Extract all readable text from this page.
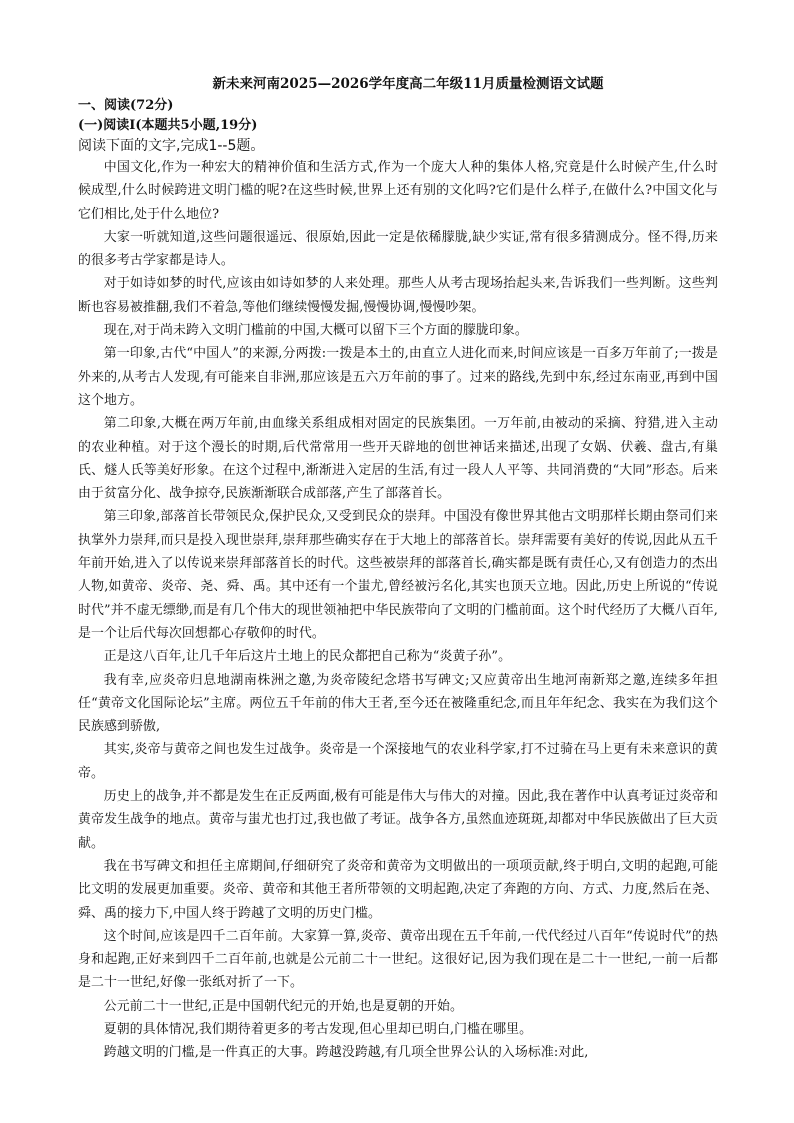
新未来河南2025—2026学年度高二年级11月质量检测语文试题
一、阅读(72分)
(一)阅读Ⅰ(本题共5小题,19分)
阅读下面的文字,完成1--5题。

中国文化,作为一种宏大的精神价值和生活方式,作为一个庞大人种的集体人格,究竟是什么时候产生,什么时候成型,什么时候跨进文明门槛的呢?在这些时候,世界上还有别的文化吗?它们是什么样子,在做什么?中国文化与它们相比,处于什么地位?

大家一听就知道,这些问题很遥远、很原始,因此一定是依稀朦胧,缺少实证,常有很多猜测成分。怪不得,历来的很多考古学家都是诗人。

对于如诗如梦的时代,应该由如诗如梦的人来处理。那些人从考古现场抬起头来,告诉我们一些判断。这些判断也容易被推翻,我们不着急,等他们继续慢慢发掘,慢慢协调,慢慢吵架。

现在,对于尚未跨入文明门槛前的中国,大概可以留下三个方面的朦胧印象。

第一印象,古代“中国人”的来源,分两拨:一拨是本土的,由直立人进化而来,时间应该是一百多万年前了;一拨是外来的,从考古人发现,有可能来自非洲,那应该是五六万年前的事了。过来的路线,先到中东,经过东南亚,再到中国这个地方。

第二印象,大概在两万年前,由血缘关系组成相对固定的民族集团。一万年前,由被动的采摘、狩猎,进入主动的农业种植。对于这个漫长的时期,后代常常用一些开天辟地的创世神话来描述,出现了女娲、伏羲、盘古,有巢氏、燧人氏等美好形象。在这个过程中,渐渐进入定居的生活,有过一段人人平等、共同消费的“大同”形态。后来由于贫富分化、战争掠夺,民族渐渐联合成部落,产生了部落首长。

第三印象,部落首长带领民众,保护民众,又受到民众的崇拜。中国没有像世界其他古文明那样长期由祭司们来执掌外力崇拜,而只是投入现世崇拜,崇拜那些确实存在于大地上的部落首长。崇拜需要有美好的传说,因此从五千年前开始,进入了以传说来崇拜部落首长的时代。这些被崇拜的部落首长,确实都是既有责任心,又有创造力的杰出人物,如黄帝、炎帝、尧、舜、禹。其中还有一个蚩尤,曾经被污名化,其实也顶天立地。因此,历史上所说的“传说时代”并不虚无缥缈,而是有几个伟大的现世领袖把中华民族带向了文明的门槛前面。这个时代经历了大概八百年,是一个让后代每次回想都心存敬仰的时代。

正是这八百年,让几千年后这片土地上的民众都把自己称为“炎黄子孙”。

我有幸,应炎帝归息地湖南株洲之邀,为炎帝陵纪念塔书写碑文;又应黄帝出生地河南新郑之邀,连续多年担任“黄帝文化国际论坛”主席。两位五千年前的伟大王者,至今还在被隆重纪念,而且年年纪念、我实在为我们这个民族感到骄傲,

其实,炎帝与黄帝之间也发生过战争。炎帝是一个深接地气的农业科学家,打不过骑在马上更有未来意识的黄帝。

历史上的战争,并不都是发生在正反两面,极有可能是伟大与伟大的对撞。因此,我在著作中认真考证过炎帝和黄帝发生战争的地点。黄帝与蚩尤也打过,我也做了考证。战争各方,虽然血迹斑斑,却都对中华民族做出了巨大贡献。

我在书写碑文和担任主席期间,仔细研究了炎帝和黄帝为文明做出的一项项贡献,终于明白,文明的起跑,可能比文明的发展更加重要。炎帝、黄帝和其他王者所带领的文明起跑,决定了奔跑的方向、方式、力度,然后在尧、舜、禹的接力下,中国人终于跨越了文明的历史门槛。

这个时间,应该是四千二百年前。大家算一算,炎帝、黄帝出现在五千年前,一代代经过八百年“传说时代”的热身和起跑,正好来到四千二百年前,也就是公元前二十一世纪。这很好记,因为我们现在是二十一世纪,一前一后都是二十一世纪,好像一张纸对折了一下。

公元前二十一世纪,正是中国朝代纪元的开始,也是夏朝的开始。

夏朝的具体情况,我们期待着更多的考古发现,但心里却已明白,门槛在哪里。

跨越文明的门槛,是一件真正的大事。跨越没跨越,有几项全世界公认的入场标准:对此,
